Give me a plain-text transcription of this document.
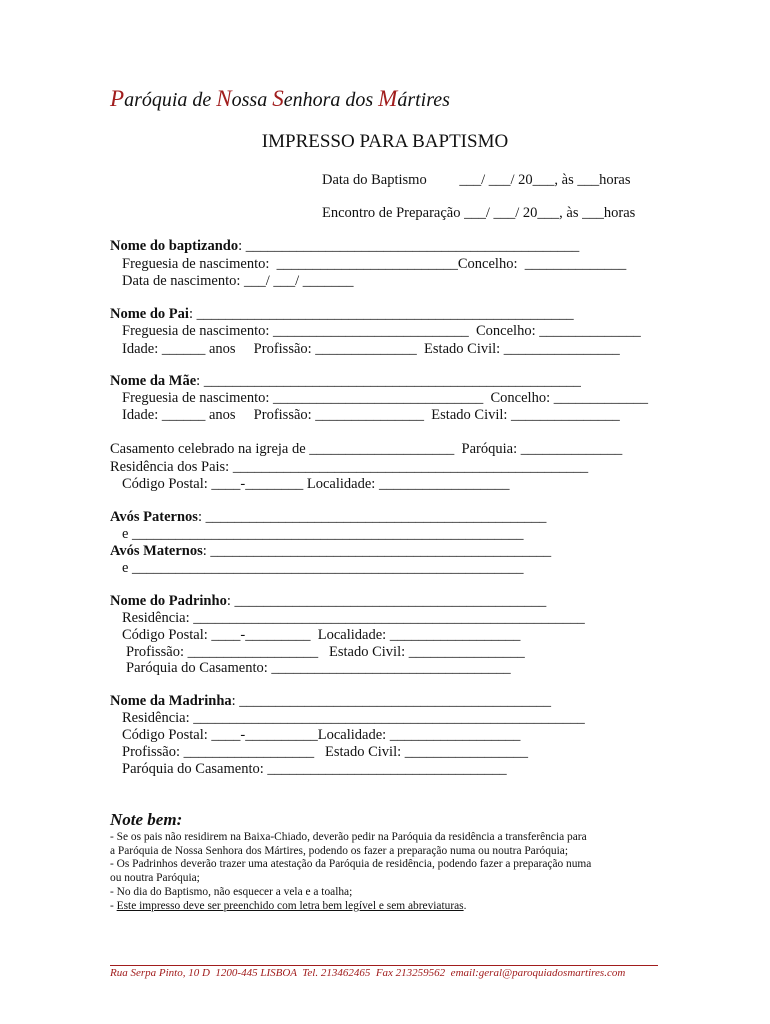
Paróquia de Nossa Senhora dos Mártires
IMPRESSO PARA BAPTISMO
Data do Baptismo         ___/ ___/ 20___, às ___horas
Encontro de Preparação ___/ ___/ 20___, às ___horas
Nome do baptizando: ______________________________________________
Freguesia de nascimento:  _________________________Concelho:  ______________
Data de nascimento: ___/ ___/ _______
Nome do Pai: ____________________________________________________
Freguesia de nascimento: ___________________________  Concelho: ______________
Idade: ______ anos     Profissão: ______________  Estado Civil: ________________
Nome da Mãe: ____________________________________________________
Freguesia de nascimento: _____________________________  Concelho: _____________
Idade: ______ anos     Profissão: _______________  Estado Civil: _______________
Casamento celebrado na igreja de ____________________  Paróquia: ______________
Residência dos Pais: _________________________________________________
Código Postal: ____-________ Localidade: __________________
Avós Paternos: _______________________________________________
e ______________________________________________________
Avós Maternos: _______________________________________________
e ______________________________________________________
Nome do Padrinho: ___________________________________________
Residência: ______________________________________________________
Código Postal: ____-_________  Localidade: __________________
Profissão: __________________   Estado Civil: ________________
Paróquia do Casamento: _________________________________
Nome da Madrinha: ___________________________________________
Residência: ______________________________________________________
Código Postal: ____-__________Localidade: __________________
Profissão: __________________   Estado Civil: _________________
Paróquia do Casamento: _________________________________
Note bem:
- Se os pais não residirem na Baixa-Chiado, deverão pedir na Paróquia da residência a transferência para
a Paróquia de Nossa Senhora dos Mártires, podendo os fazer a preparação numa ou noutra Paróquia;
- Os Padrinhos deverão trazer uma atestação da Paróquia de residência, podendo fazer a preparação numa
ou noutra Paróquia;
- No dia do Baptismo, não esquecer a vela e a toalha;
- Este impresso deve ser preenchido com letra bem legível e sem abreviaturas.
Rua Serpa Pinto, 10 D  1200-445 LISBOA  Tel. 213462465  Fax 213259562  email:geral@paroquiadosmartires.com
